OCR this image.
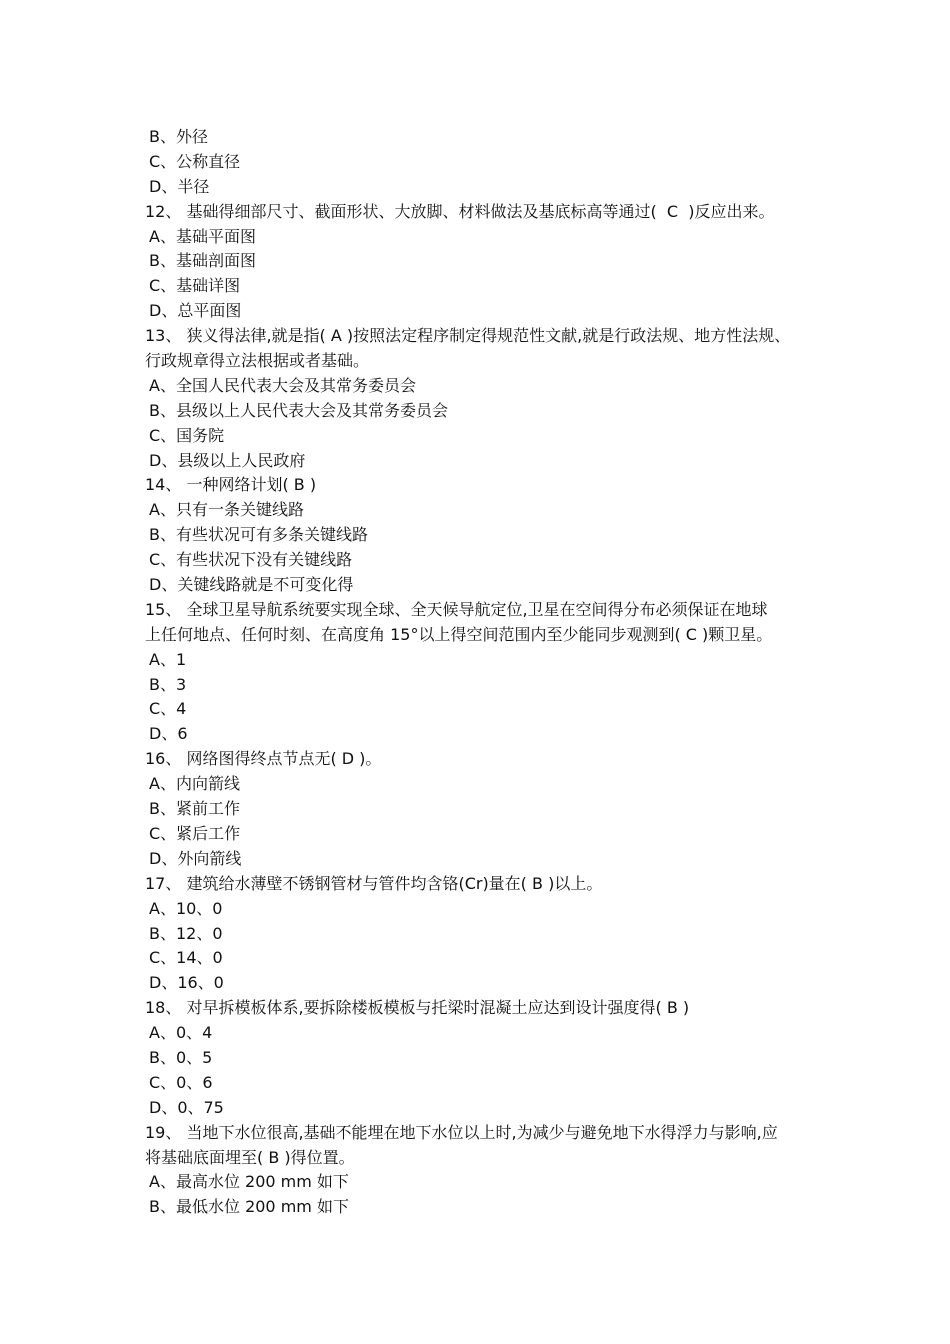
B、外径
C、公称直径
D、半径
12、 基础得细部尺寸、截面形状、大放脚、材料做法及基底标高等通过(  C  )反应出来。
A、基础平面图
B、基础剖面图
C、基础详图
D、总平面图
13、 狭义得法律,就是指( A )按照法定程序制定得规范性文献,就是行政法规、地方性法规、
行政规章得立法根据或者基础。
A、全国人民代表大会及其常务委员会
B、县级以上人民代表大会及其常务委员会
C、国务院
D、县级以上人民政府
14、 一种网络计划( B )
A、只有一条关键线路
B、有些状况可有多条关键线路
C、有些状况下没有关键线路
D、关键线路就是不可变化得
15、 全球卫星导航系统要实现全球、全天候导航定位,卫星在空间得分布必须保证在地球
上任何地点、任何时刻、在高度角 15°以上得空间范围内至少能同步观测到( C )颗卫星。
A、1
B、3
C、4
D、6
16、 网络图得终点节点无( D )。
A、内向箭线
B、紧前工作
C、紧后工作
D、外向箭线
17、 建筑给水薄壁不锈钢管材与管件均含铬(Cr)量在( B )以上。
A、10、0
B、12、0
C、14、0
D、16、0
18、 对早拆模板体系,要拆除楼板模板与托梁时混凝土应达到设计强度得( B )
A、0、4
B、0、5
C、0、6
D、0、75
19、 当地下水位很高,基础不能埋在地下水位以上时,为减少与避免地下水得浮力与影响,应
将基础底面埋至( B )得位置。
A、最高水位 200 mm 如下
B、最低水位 200 mm 如下
